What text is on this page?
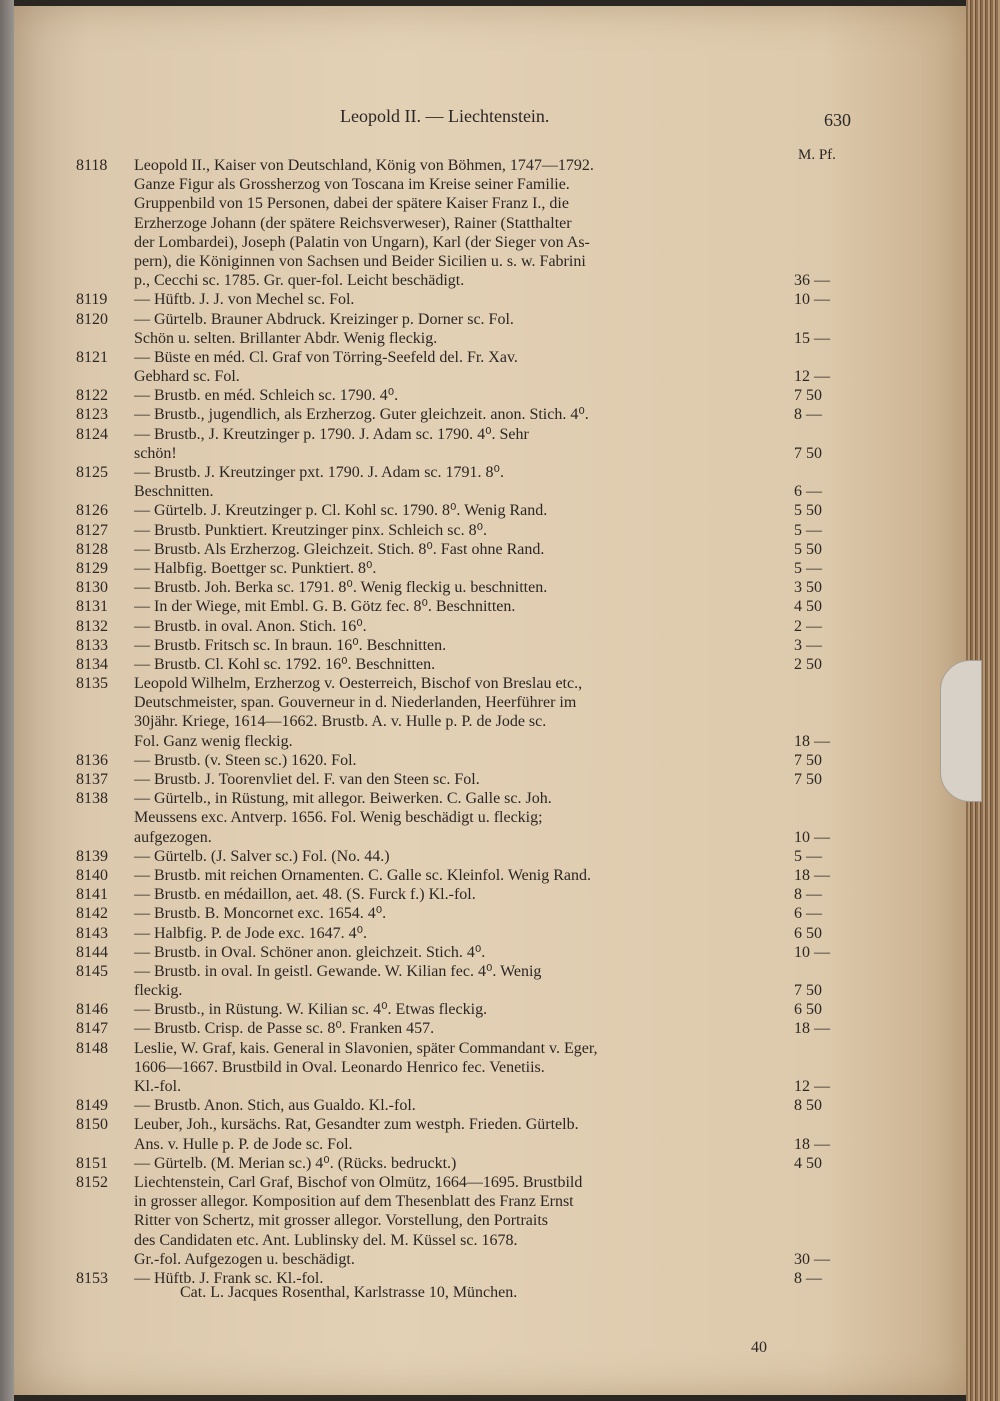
Leopold II. — Liechtenstein.	630
M. Pf.
8118	Leopold II., Kaiser von Deutschland, König von Böhmen, 1747—1792.
Ganze Figur als Grossherzog von Toscana im Kreise seiner Familie.
Gruppenbild von 15 Personen, dabei der spätere Kaiser Franz I., die
Erzherzoge Johann (der spätere Reichsverweser), Rainer (Statthalter
der Lombardei), Joseph (Palatin von Ungarn), Karl (der Sieger von As-
pern), die Königinnen von Sachsen und Beider Sicilien u. s. w. Fabrini
p., Cecchi sc. 1785. Gr. quer-fol. Leicht beschädigt.	36 —
8119	— Hüftb. J. J. von Mechel sc. Fol.	10 —
8120	— Gürtelb. Brauner Abdruck. Kreizinger p. Dorner sc. Fol.
Schön u. selten. Brillanter Abdr. Wenig fleckig.	15 —
8121	— Büste en méd. Cl. Graf von Törring-Seefeld del. Fr. Xav.
Gebhard sc. Fol.	12 —
8122	— Brustb. en méd. Schleich sc. 1790. 4⁰.	7 50
8123	— Brustb., jugendlich, als Erzherzog. Guter gleichzeit. anon. Stich. 4⁰.	8 —
8124	— Brustb., J. Kreutzinger p. 1790. J. Adam sc. 1790. 4⁰. Sehr
schön!	7 50
8125	— Brustb. J. Kreutzinger pxt. 1790. J. Adam sc. 1791. 8⁰.
Beschnitten.	6 —
8126	— Gürtelb. J. Kreutzinger p. Cl. Kohl sc. 1790. 8⁰. Wenig Rand.	5 50
8127	— Brustb. Punktiert. Kreutzinger pinx. Schleich sc. 8⁰.	5 —
8128	— Brustb. Als Erzherzog. Gleichzeit. Stich. 8⁰. Fast ohne Rand.	5 50
8129	— Halbfig. Boettger sc. Punktiert. 8⁰.	5 —
8130	— Brustb. Joh. Berka sc. 1791. 8⁰. Wenig fleckig u. beschnitten.	3 50
8131	— In der Wiege, mit Embl. G. B. Götz fec. 8⁰. Beschnitten.	4 50
8132	— Brustb. in oval. Anon. Stich. 16⁰.	2 —
8133	— Brustb. Fritsch sc. In braun. 16⁰. Beschnitten.	3 —
8134	— Brustb. Cl. Kohl sc. 1792. 16⁰. Beschnitten.	2 50
8135	Leopold Wilhelm, Erzherzog v. Oesterreich, Bischof von Breslau etc.,
Deutschmeister, span. Gouverneur in d. Niederlanden, Heerführer im
30jähr. Kriege, 1614—1662. Brustb. A. v. Hulle p. P. de Jode sc.
Fol. Ganz wenig fleckig.	18 —
8136	— Brustb. (v. Steen sc.) 1620. Fol.	7 50
8137	— Brustb. J. Toorenvliet del. F. van den Steen sc. Fol.	7 50
8138	— Gürtelb., in Rüstung, mit allegor. Beiwerken. C. Galle sc. Joh.
Meussens exc. Antverp. 1656. Fol. Wenig beschädigt u. fleckig;
aufgezogen.	10 —
8139	— Gürtelb. (J. Salver sc.) Fol. (No. 44.)	5 —
8140	— Brustb. mit reichen Ornamenten. C. Galle sc. Kleinfol. Wenig Rand.	18 —
8141	— Brustb. en médaillon, aet. 48. (S. Furck f.) Kl.-fol.	8 —
8142	— Brustb. B. Moncornet exc. 1654. 4⁰.	6 —
8143	— Halbfig. P. de Jode exc. 1647. 4⁰.	6 50
8144	— Brustb. in Oval. Schöner anon. gleichzeit. Stich. 4⁰.	10 —
8145	— Brustb. in oval. In geistl. Gewande. W. Kilian fec. 4⁰. Wenig
fleckig.	7 50
8146	— Brustb., in Rüstung. W. Kilian sc. 4⁰. Etwas fleckig.	6 50
8147	— Brustb. Crisp. de Passe sc. 8⁰. Franken 457.	18 —
8148	Leslie, W. Graf, kais. General in Slavonien, später Commandant v. Eger,
1606—1667. Brustbild in Oval. Leonardo Henrico fec. Venetiis.
Kl.-fol.	12 —
8149	— Brustb. Anon. Stich, aus Gualdo. Kl.-fol.	8 50
8150	Leuber, Joh., kursächs. Rat, Gesandter zum westph. Frieden. Gürtelb.
Ans. v. Hulle p. P. de Jode sc. Fol.	18 —
8151	— Gürtelb. (M. Merian sc.) 4⁰. (Rücks. bedruckt.)	4 50
8152	Liechtenstein, Carl Graf, Bischof von Olmütz, 1664—1695. Brustbild
in grosser allegor. Komposition auf dem Thesenblatt des Franz Ernst
Ritter von Schertz, mit grosser allegor. Vorstellung, den Portraits
des Candidaten etc. Ant. Lublinsky del. M. Küssel sc. 1678.
Gr.-fol. Aufgezogen u. beschädigt.	30 —
8153	— Hüftb. J. Frank sc. Kl.-fol.	8 —
Cat. L. Jacques Rosenthal, Karlstrasse 10, München.
40
